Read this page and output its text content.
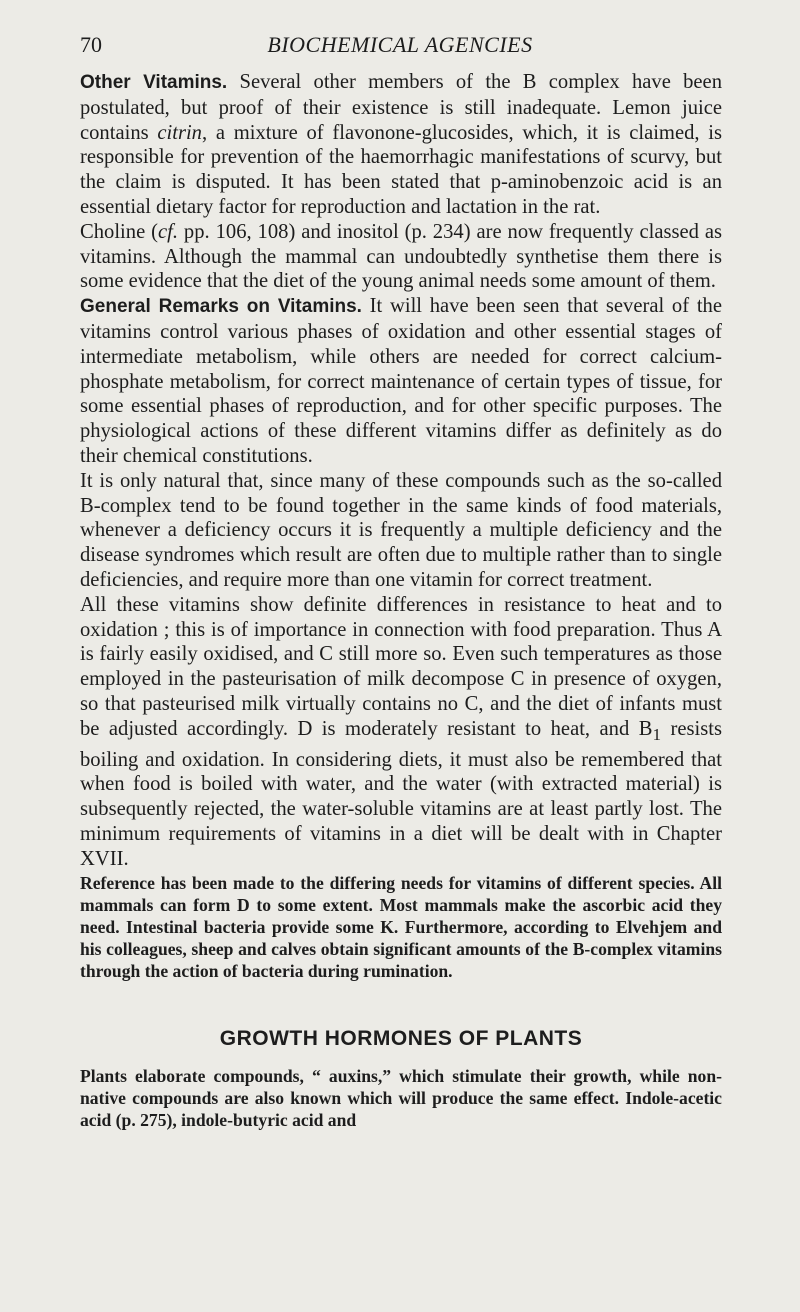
70	BIOCHEMICAL AGENCIES

Other Vitamins. Several other members of the B complex have been postulated, but proof of their existence is still inadequate. Lemon juice contains citrin, a mixture of flavonone-glucosides, which, it is claimed, is responsible for prevention of the haemorrhagic manifestations of scurvy, but the claim is disputed. It has been stated that p-aminobenzoic acid is an essential dietary factor for reproduction and lactation in the rat.

Choline (cf. pp. 106, 108) and inositol (p. 234) are now frequently classed as vitamins. Although the mammal can undoubtedly synthetise them there is some evidence that the diet of the young animal needs some amount of them.

General Remarks on Vitamins. It will have been seen that several of the vitamins control various phases of oxidation and other essential stages of intermediate metabolism, while others are needed for correct calcium-phosphate metabolism, for correct maintenance of certain types of tissue, for some essential phases of reproduction, and for other specific purposes. The physiological actions of these different vitamins differ as definitely as do their chemical constitutions.

It is only natural that, since many of these compounds such as the so-called B-complex tend to be found together in the same kinds of food materials, whenever a deficiency occurs it is frequently a multiple deficiency and the disease syndromes which result are often due to multiple rather than to single deficiencies, and require more than one vitamin for correct treatment.

All these vitamins show definite differences in resistance to heat and to oxidation ; this is of importance in connection with food preparation. Thus A is fairly easily oxidised, and C still more so. Even such temperatures as those employed in the pasteurisation of milk decompose C in presence of oxygen, so that pasteurised milk virtually contains no C, and the diet of infants must be adjusted accordingly. D is moderately resistant to heat, and $B_1$ resists boiling and oxidation. In considering diets, it must also be remembered that when food is boiled with water, and the water (with extracted material) is subsequently rejected, the water-soluble vitamins are at least partly lost. The minimum requirements of vitamins in a diet will be dealt with in Chapter XVII.

Reference has been made to the differing needs for vitamins of different species. All mammals can form D to some extent. Most mammals make the ascorbic acid they need. Intestinal bacteria provide some K. Furthermore, according to Elvehjem and his colleagues, sheep and calves obtain significant amounts of the B-complex vitamins through the action of bacteria during rumination.

GROWTH HORMONES OF PLANTS

Plants elaborate compounds, “ auxins,” which stimulate their growth, while non-native compounds are also known which will produce the same effect. Indole-acetic acid (p. 275), indole-butyric acid and
